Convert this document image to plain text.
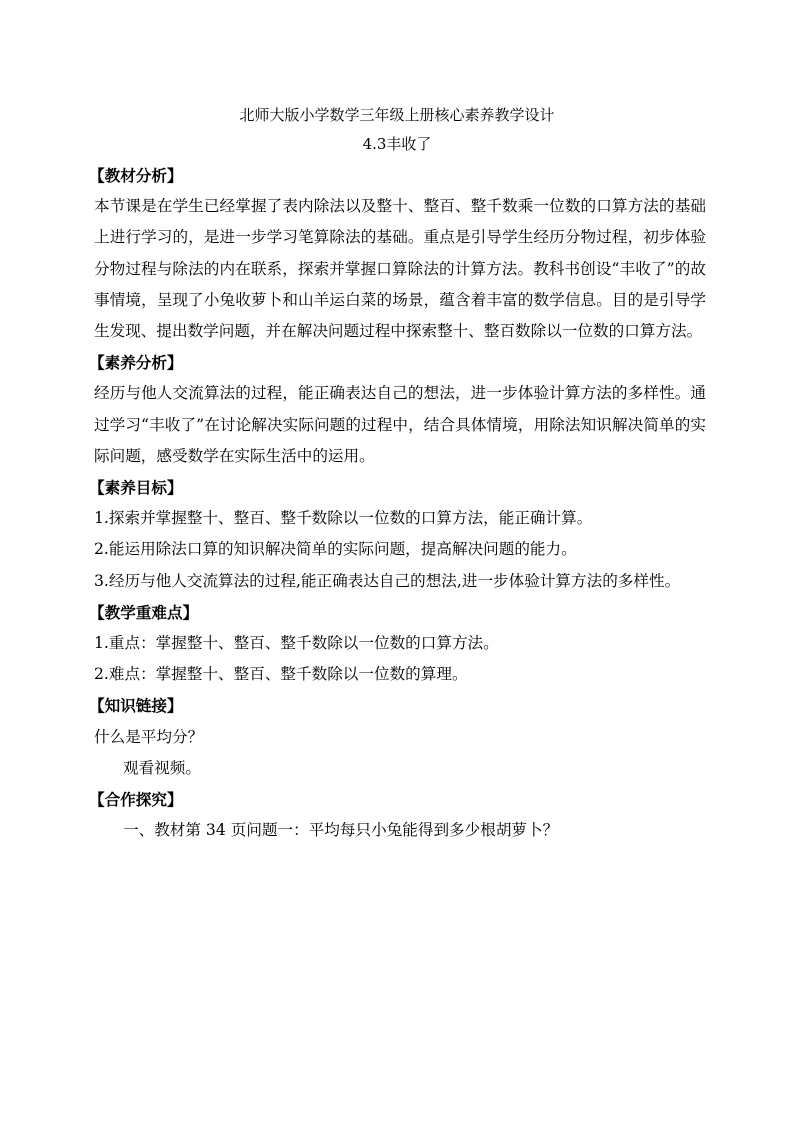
北师大版小学数学三年级上册核心素养教学设计
4.3丰收了
【教材分析】

本节课是在学生已经掌握了表内除法以及整十、整百、整千数乘一位数的口算方法的基础上进行学习的，是进一步学习笔算除法的基础。重点是引导学生经历分物过程，初步体验分物过程与除法的内在联系，探索并掌握口算除法的计算方法。教科书创设“丰收了”的故事情境，呈现了小兔收萝卜和山羊运白菜的场景，蕴含着丰富的数学信息。目的是引导学生发现、提出数学问题，并在解决问题过程中探索整十、整百数除以一位数的口算方法。

【素养分析】

经历与他人交流算法的过程，能正确表达自己的想法，进一步体验计算方法的多样性。通过学习“丰收了”在讨论解决实际问题的过程中，结合具体情境，用除法知识解决简单的实际问题，感受数学在实际生活中的运用。

【素养目标】
1.探索并掌握整十、整百、整千数除以一位数的口算方法，能正确计算。
2.能运用除法口算的知识解决简单的实际问题，提高解决问题的能力。
3.经历与他人交流算法的过程,能正确表达自己的想法,进一步体验计算方法的多样性。
【教学重难点】
1.重点：掌握整十、整百、整千数除以一位数的口算方法。
2.难点：掌握整十、整百、整千数除以一位数的算理。
【知识链接】
什么是平均分？
观看视频。
【合作探究】
一、教材第 34 页问题一：平均每只小兔能得到多少根胡萝卜？
